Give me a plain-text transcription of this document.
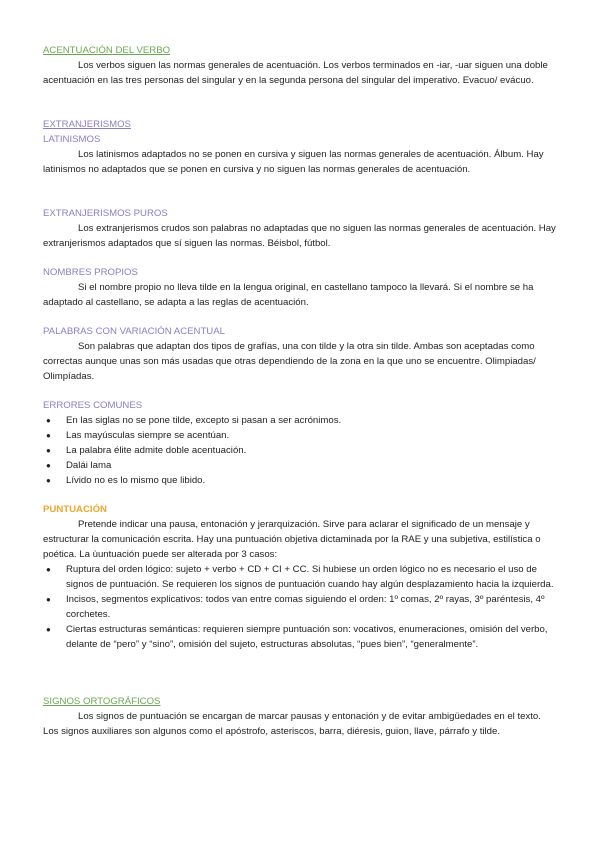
ACENTUACIÓN DEL VERBO

Los verbos siguen las normas generales de acentuación. Los verbos terminados en -iar, -uar siguen una doble acentuación en las tres personas del singular y en la segunda persona del singular del imperativo. Evacuo/ evácuo.

EXTRANJERISMOS
LATINISMOS

Los latinismos adaptados no se ponen en cursiva y siguen las normas generales de acentuación. Álbum. Hay latinismos no adaptados que se ponen en cursiva y no siguen las normas generales de acentuación.

EXTRANJERISMOS PUROS

Los extranjerismos crudos son palabras no adaptadas que no siguen las normas generales de acentuación. Hay extranjerismos adaptados que sí siguen las normas. Béisbol, fútbol.

NOMBRES PROPIOS

Si el nombre propio no lleva tilde en la lengua original, en castellano tampoco la llevará. Si el nombre se ha adaptado al castellano, se adapta a las reglas de acentuación.

PALABRAS CON VARIACIÓN ACENTUAL

Son palabras que adaptan dos tipos de grafías, una con tilde y la otra sin tilde. Ambas son aceptadas como correctas aunque unas son más usadas que otras dependiendo de la zona en la que uno se encuentre. Olimpiadas/ Olimpíadas.

ERRORES COMUNES
● En las siglas no se pone tilde, excepto si pasan a ser acrónimos.
● Las mayúsculas siempre se acentúan.
● La palabra élite admite doble acentuación.
● Dalái lama
● Lívido no es lo mismo que libido.
PUNTUACIÓN

Pretende indicar una pausa, entonación y jerarquización. Sirve para aclarar el significado de un mensaje y estructurar la comunicación escrita. Hay una puntuación objetiva dictaminada por la RAE y una subjetiva, estilística o poética. La ùuntuación puede ser alterada por 3 casos:

● Ruptura del orden lógico: sujeto + verbo + CD + CI + CC. Si hubiese un orden lógico no es necesario el uso de signos de puntuación. Se requieren los signos de puntuación cuando hay algún desplazamiento hacia la izquierda.
● Incisos, segmentos explicativos: todos van entre comas siguiendo el orden: 1º comas, 2º rayas, 3º paréntesis, 4º corchetes.
● Ciertas estructuras semánticas: requieren siempre puntuación son: vocativos, enumeraciones, omisión del verbo, delante de “pero” y “sino”, omisión del sujeto, estructuras absolutas, “pues bien”, “generalmente”.
SIGNOS ORTOGRÁFICOS

Los signos de puntuación se encargan de marcar pausas y entonación y de evitar ambigüedades en el texto. Los signos auxiliares son algunos como el apóstrofo, asteriscos, barra, diéresis, guion, llave, párrafo y tilde.
